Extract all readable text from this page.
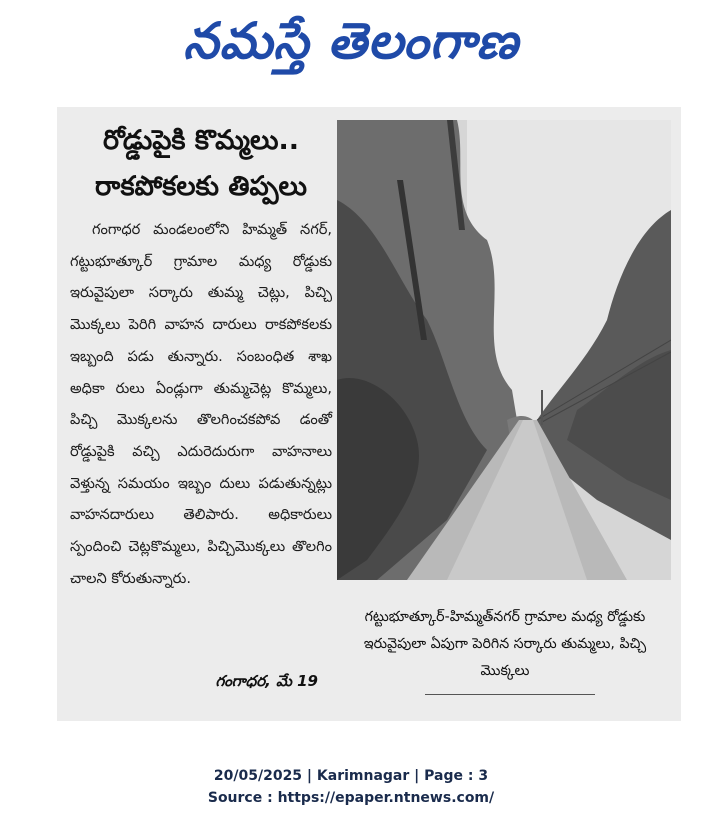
నమస్తే తెలంగాణ
రోడ్డుపైకి కొమ్మలు..
రాకపోకలకు తిప్పలు
గంగాధర మండలంలోని హిమ్మత్ నగర్, గట్టుభూత్కూర్ గ్రామాల మధ్య రోడ్డుకు ఇరువైపులా సర్కారు తుమ్మ చెట్లు, పిచ్చి మొక్కలు పెరిగి వాహన దారులు రాకపోకలకు ఇబ్బంది పడు తున్నారు. సంబంధిత శాఖ అధికా రులు ఏండ్లుగా తుమ్మచెట్ల కొమ్మలు, పిచ్చి మొక్కలను తొలగించకపోవ డంతో రోడ్డుపైకి వచ్చి ఎదురెదురుగా వాహనాలు వెళ్తున్న సమయం ఇబ్బం దులు పడుతున్నట్లు వాహనదారులు తెలిపారు. అధికారులు స్పందించి చెట్లకొమ్మలు, పిచ్చిమొక్కలు తొలగిం చాలని కోరుతున్నారు.
గంగాధర, మే 19
గట్టుభూత్కూర్-హిమ్మత్‌నగర్ గ్రామాల మధ్య రోడ్డుకు ఇరువైపులా ఏపుగా పెరిగిన సర్కారు తుమ్మలు, పిచ్చి మొక్కలు
20/05/2025 | Karimnagar | Page : 3
Source : https://epaper.ntnews.com/
